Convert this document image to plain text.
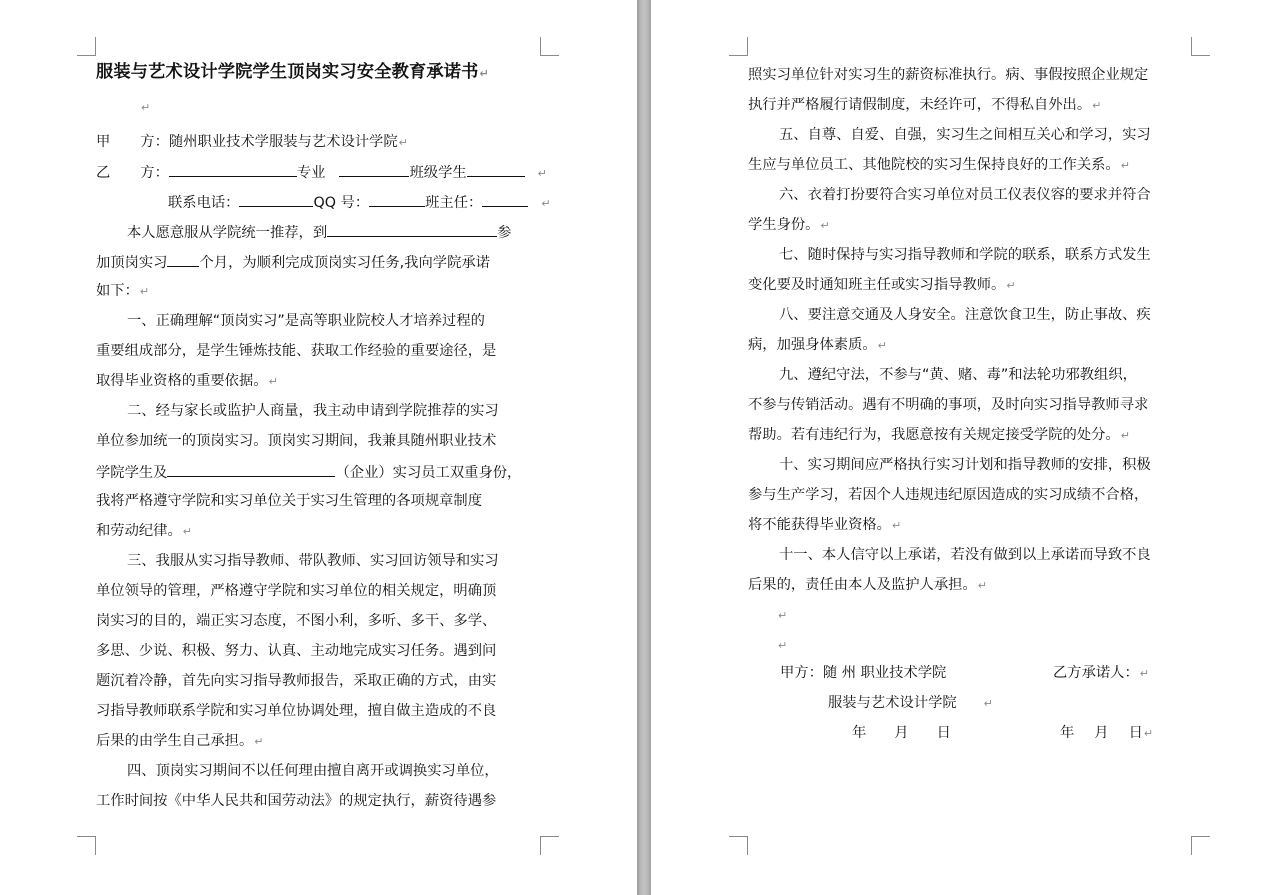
服装与艺术设计学院学生顶岗实习安全教育承诺书↵
↵
甲 方：随州职业技术学服装与艺术设计学院↵
乙 方：	专业	班级学生	↵
联系电话：	QQ 号：	班主任：	↵
本人愿意服从学院统一推荐，到	参
加顶岗实习 个月，为顺利完成顶岗实习任务,我向学院承诺
如下：↵
一、正确理解“顶岗实习”是高等职业院校人才培养过程的
重要组成部分，是学生锤炼技能、获取工作经验的重要途径，是
取得毕业资格的重要依据。↵
二、经与家长或监护人商量，我主动申请到学院推荐的实习
单位参加统一的顶岗实习。顶岗实习期间，我兼具随州职业技术
学院学生及	（企业）实习员工双重身份，
我将严格遵守学院和实习单位关于实习生管理的各项规章制度
和劳动纪律。↵
三、我服从实习指导教师、带队教师、实习回访领导和实习
单位领导的管理，严格遵守学院和实习单位的相关规定，明确顶
岗实习的目的，端正实习态度，不图小利，多听、多干、多学、
多思、少说、积极、努力、认真、主动地完成实习任务。遇到问
题沉着冷静，首先向实习指导教师报告，采取正确的方式，由实
习指导教师联系学院和实习单位协调处理，擅自做主造成的不良
后果的由学生自己承担。↵
四、顶岗实习期间不以任何理由擅自离开或调换实习单位，
工作时间按《中华人民共和国劳动法》的规定执行，薪资待遇参
照实习单位针对实习生的薪资标准执行。病、事假按照企业规定
执行并严格履行请假制度，未经许可，不得私自外出。↵
五、自尊、自爱、自强，实习生之间相互关心和学习，实习
生应与单位员工、其他院校的实习生保持良好的工作关系。↵
六、衣着打扮要符合实习单位对员工仪表仪容的要求并符合
学生身份。↵
七、随时保持与实习指导教师和学院的联系，联系方式发生
变化要及时通知班主任或实习指导教师。↵
八、要注意交通及人身安全。注意饮食卫生，防止事故、疾
病，加强身体素质。↵
九、遵纪守法，不参与“黄、赌、毒”和法轮功邪教组织，
不参与传销活动。遇有不明确的事项，及时向实习指导教师寻求
帮助。若有违纪行为，我愿意按有关规定接受学院的处分。↵
十、实习期间应严格执行实习计划和指导教师的安排，积极
参与生产学习，若因个人违规违纪原因造成的实习成绩不合格，
将不能获得毕业资格。↵
十一、本人信守以上承诺，若没有做到以上承诺而导致不良
后果的，责任由本人及监护人承担。↵
↵
↵
甲方：随 州 职业技术学院	乙方承诺人：↵
服装与艺术设计学院 ↵
年 月 日	年 月 日↵
